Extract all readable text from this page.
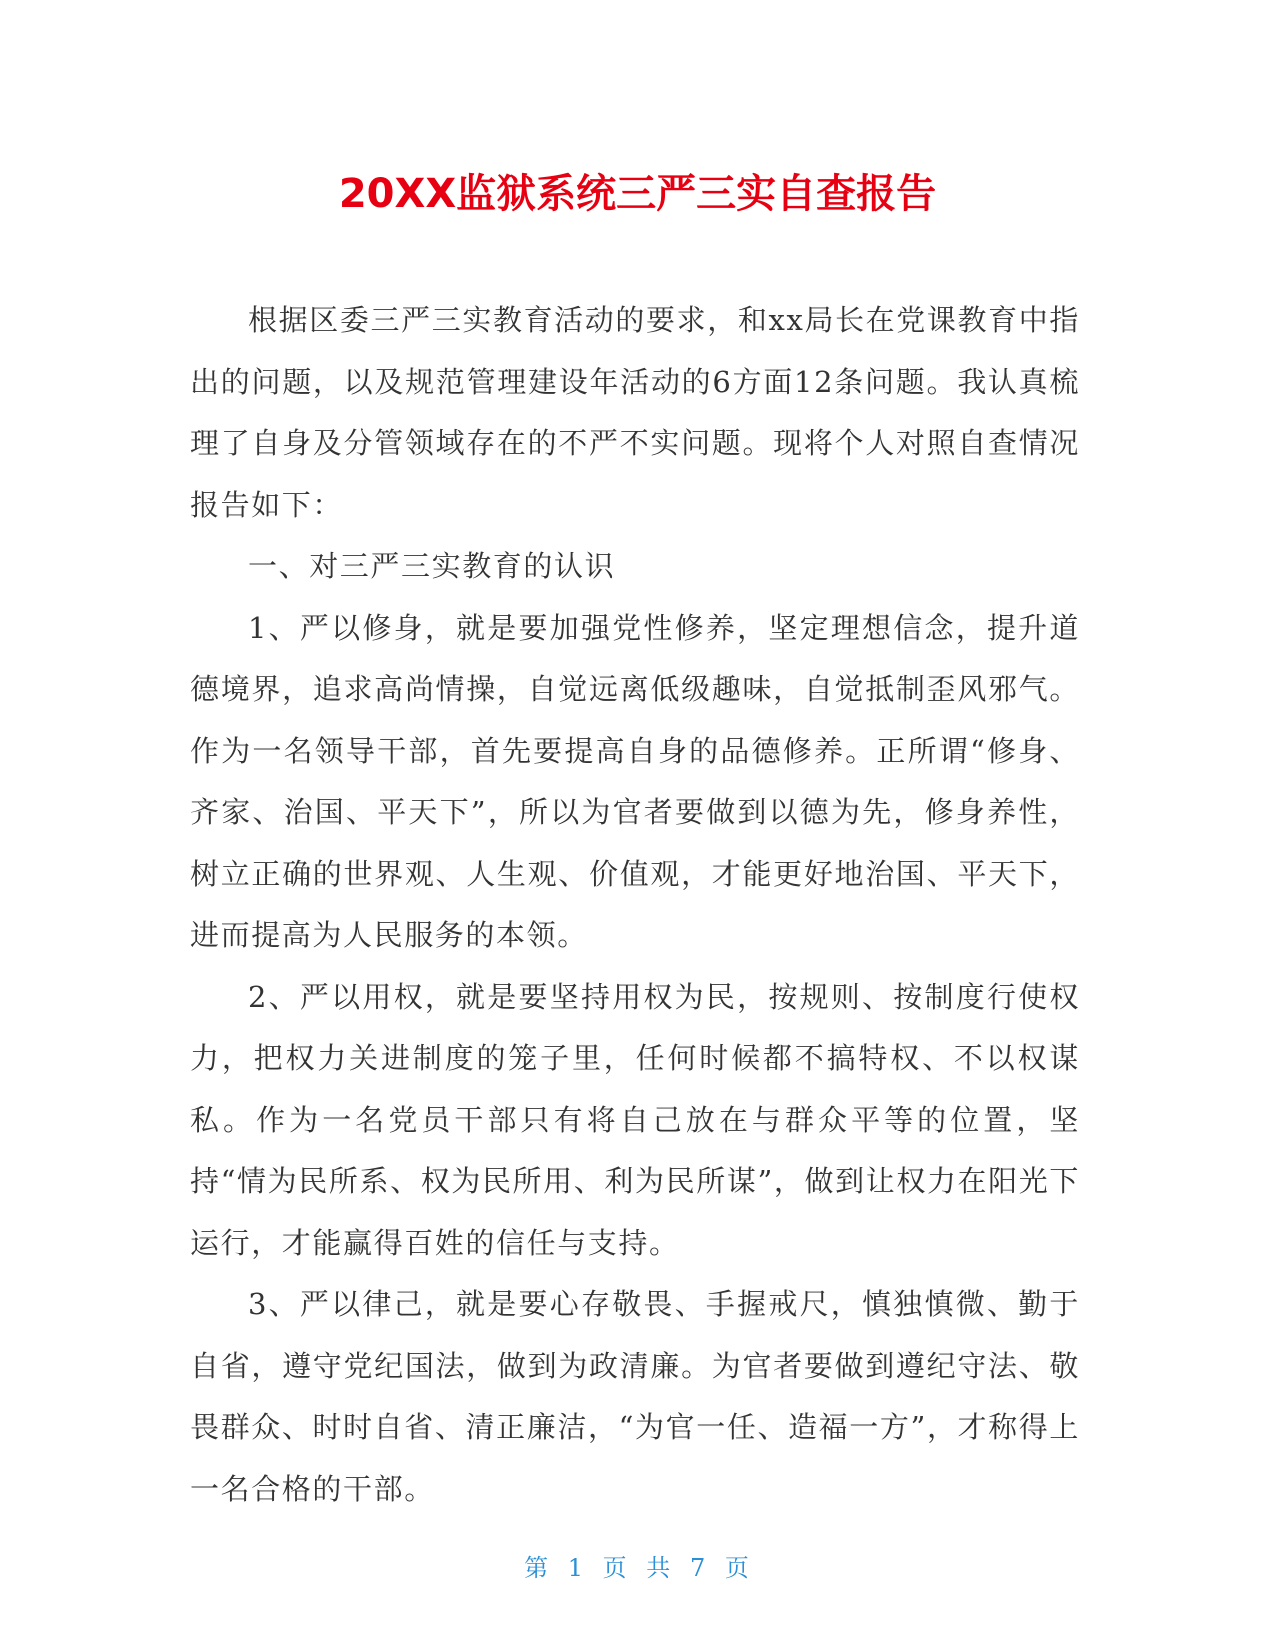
20XX监狱系统三严三实自查报告

根据区委三严三实教育活动的要求，和xx局长在党课教育中指出的问题，以及规范管理建设年活动的6方面12条问题。我认真梳理了自身及分管领域存在的不严不实问题。现将个人对照自查情况报告如下：

一、对三严三实教育的认识

1、严以修身，就是要加强党性修养，坚定理想信念，提升道德境界，追求高尚情操，自觉远离低级趣味，自觉抵制歪风邪气。作为一名领导干部，首先要提高自身的品德修养。正所谓“修身、齐家、治国、平天下”，所以为官者要做到以德为先，修身养性，树立正确的世界观、人生观、价值观，才能更好地治国、平天下，进而提高为人民服务的本领。

2、严以用权，就是要坚持用权为民，按规则、按制度行使权力，把权力关进制度的笼子里，任何时候都不搞特权、不以权谋私。作为一名党员干部只有将自己放在与群众平等的位置，坚持“情为民所系、权为民所用、利为民所谋”，做到让权力在阳光下运行，才能赢得百姓的信任与支持。

3、严以律己，就是要心存敬畏、手握戒尺，慎独慎微、勤于自省，遵守党纪国法，做到为政清廉。为官者要做到遵纪守法、敬畏群众、时时自省、清正廉洁，“为官一任、造福一方”，才称得上一名合格的干部。

第 1 页 共 7 页
